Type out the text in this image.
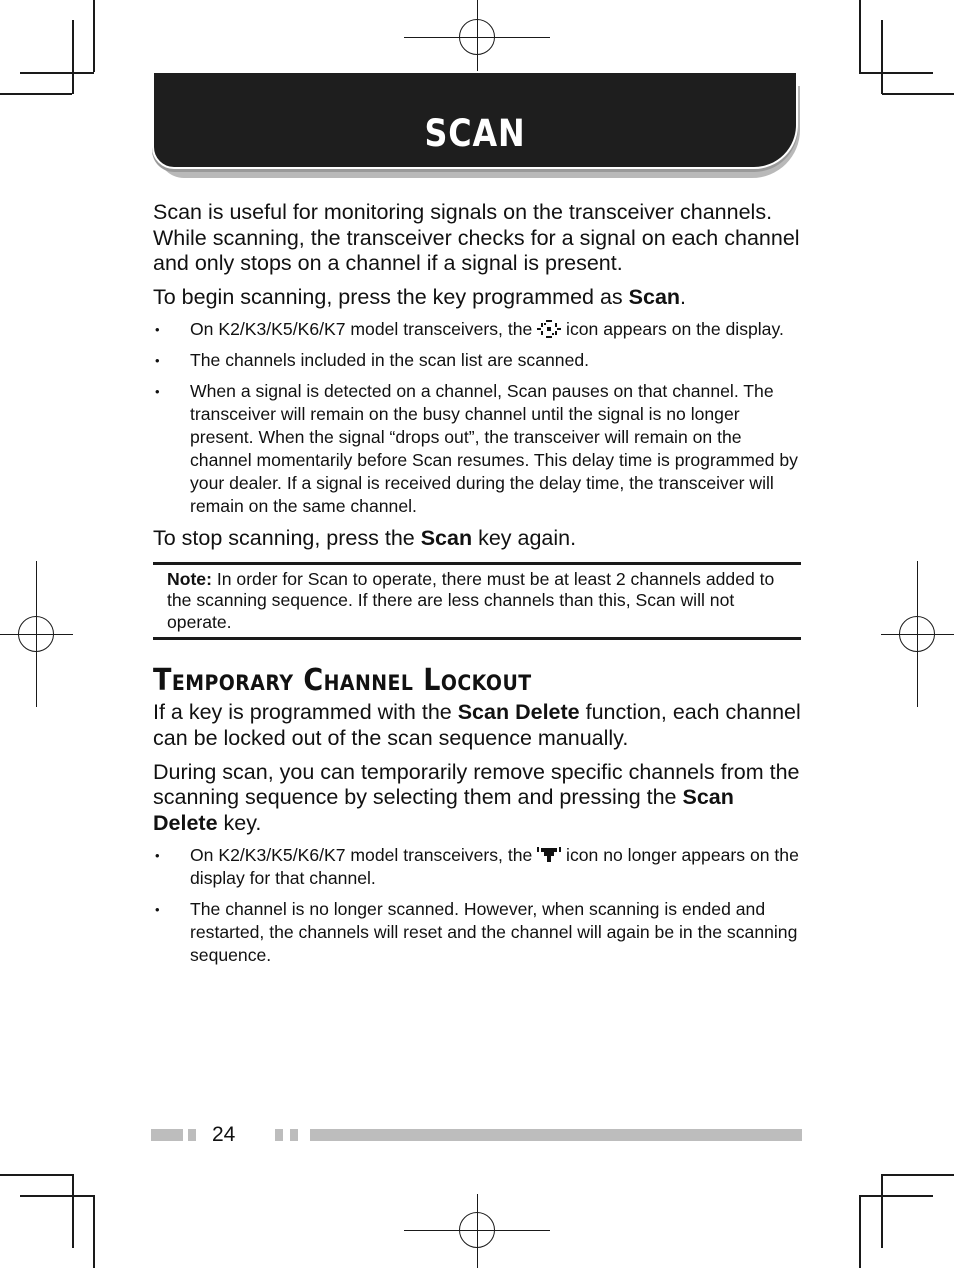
SCAN

Scan is useful for monitoring signals on the transceiver channels. While scanning, the transceiver checks for a signal on each channel and only stops on a channel if a signal is present.

To begin scanning, press the key programmed as Scan.

• On K2/K3/K5/K6/K7 model transceivers, the  icon appears on the display.
• The channels included in the scan list are scanned.
• When a signal is detected on a channel, Scan pauses on that channel. The transceiver will remain on the busy channel until the signal is no longer present. When the signal “drops out”, the transceiver will remain on the channel momentarily before Scan resumes. This delay time is programmed by your dealer. If a signal is received during the delay time, the transceiver will remain on the same channel.

To stop scanning, press the Scan key again.

Note: In order for Scan to operate, there must be at least 2 channels added to the scanning sequence. If there are less channels than this, Scan will not operate.
Temporary Channel Lockout

If a key is programmed with the Scan Delete function, each channel can be locked out of the scan sequence manually.

During scan, you can temporarily remove specific channels from the scanning sequence by selecting them and pressing the Scan Delete key.

• On K2/K3/K5/K6/K7 model transceivers, the  icon no longer appears on the display for that channel.
• The channel is no longer scanned. However, when scanning is ended and restarted, the channels will reset and the channel will again be in the scanning sequence.
24
